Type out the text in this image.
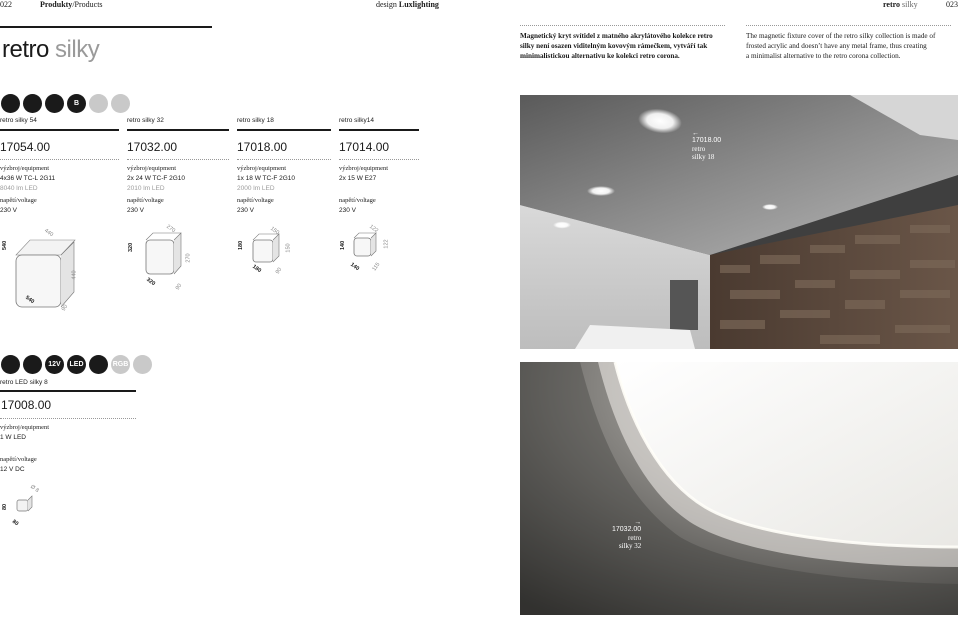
022	Produkty/Products	design Luxlighting	retro silky	023
retro silky	Magnetický kryt svítidel z matného akrylátového kolekce retro
silky není osazen viditelným kovovým rámečkem, vytváří tak
minimalistickou alternativu ke kolekci retro corona.
The magnetic fixture cover of the retro silky collection is made of
frosted acrylic and doesn’t have any metal frame, thus creating
a minimalist alternative to the retro corona collection.
B
retro silky 54
17054.00
výzbroj/equipment
4x36 W TC-L 2G11
8040 lm LED
napětí/voltage
230 V
retro silky 32
17032.00
výzbroj/equipment
2x 24 W TC-F 2G10
2010 lm LED
napětí/voltage
230 V
retro silky 18
17018.00
výzbroj/equipment
1x 18 W TC-F 2G10
2000 lm LED
napětí/voltage
230 V
retro silky14
17014.00
výzbroj/equipment
2x 15 W E27
napětí/voltage
230 V
540
440
440
540
90
320
270
270
320	90
180
150
150
180 90
140
122
122
140 115
12V	LED	RGB
retro LED silky 8
17008.00
výzbroj/equipment
1 W LED
napětí/voltage
12 V DC
80
Ø 8
80
←
17018.00
retro
silky 18
→
17032.00
retro
silky 32
